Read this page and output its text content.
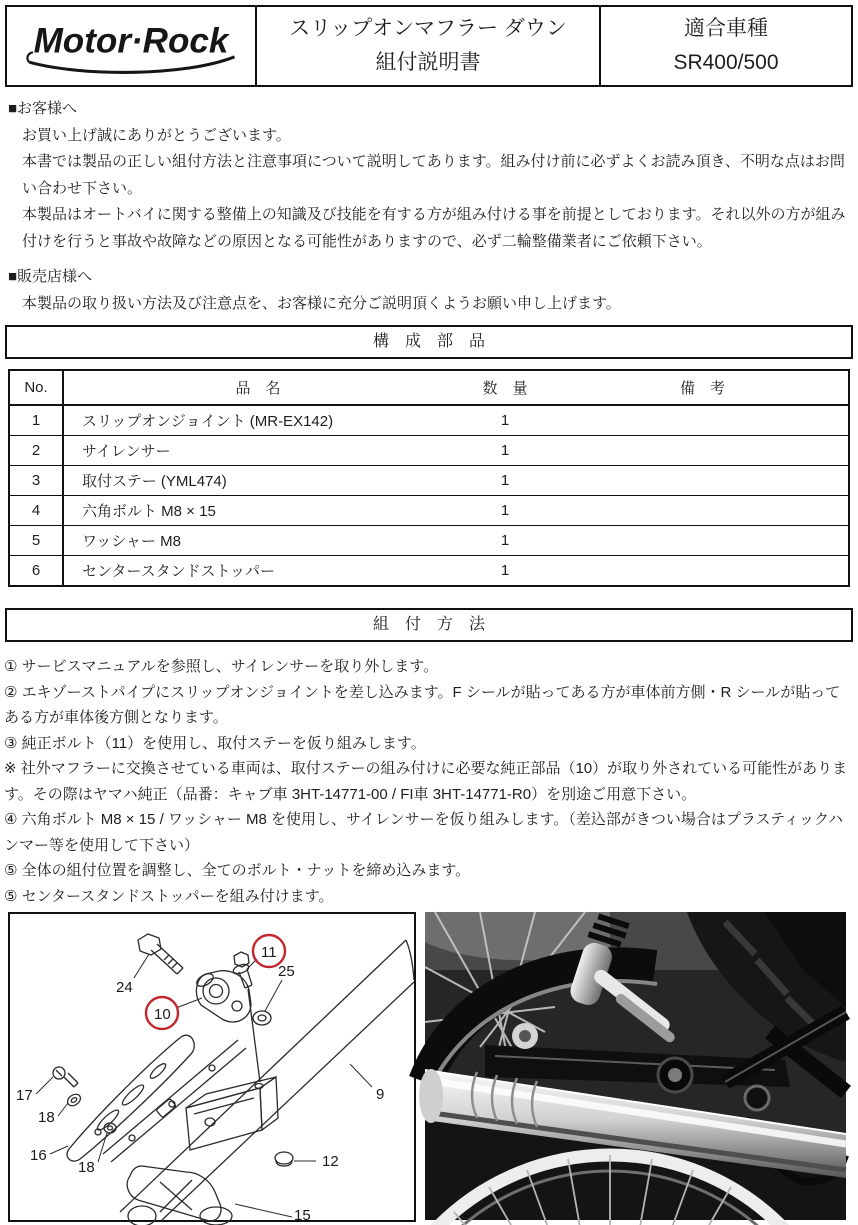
Motor·Rock	スリップオンマフラー ダウン
組付説明書
適合車種
SR400/500
■お客様へ

お買い上げ誠にありがとうございます。

本書では製品の正しい組付方法と注意事項について説明してあります。組み付け前に必ずよくお読み頂き、不明な点はお問い合わせ下さい。

本製品はオートバイに関する整備上の知識及び技能を有する方が組み付ける事を前提としております。それ以外の方が組み付けを行うと事故や故障などの原因となる可能性がありますので、必ず二輪整備業者にご依頼下さい。

■販売店様へ

本製品の取り扱い方法及び注意点を、お客様に充分ご説明頂くようお願い申し上げます。

構　成　部　品
No.	品　名	数　量	備　考
1	スリップオンジョイント (MR-EX142)	1	
2	サイレンサー	1	
3	取付ステー (YML474)	1	
4	六角ボルト M8 × 15	1	
5	ワッシャー M8	1	
6	センタースタンドストッパー	1	
組　付　方　法

① サービスマニュアルを参照し、サイレンサーを取り外します。

② エキゾーストパイプにスリップオンジョイントを差し込みます。F シールが貼ってある方が車体前方側・R シールが貼ってある方が車体後方側となります。

③ 純正ボルト（11）を使用し、取付ステーを仮り組みします。

※ 社外マフラーに交換させている車両は、取付ステーの組み付けに必要な純正部品（10）が取り外されている可能性があります。その際はヤマハ純正（品番：キャブ車 3HT-14771-00 / FI車 3HT-14771-R0）を別途ご用意下さい。

④ 六角ボルト M8 × 15 / ワッシャー M8 を使用し、サイレンサーを仮り組みします。（差込部がきつい場合はプラスティックハンマー等を使用して下さい）

⑤ 全体の組付位置を調整し、全てのボルト・ナットを締め込みます。

⑤ センタースタンドストッパーを組み付けます。

24
11
25
10
9
17
18
16
18	12
15
